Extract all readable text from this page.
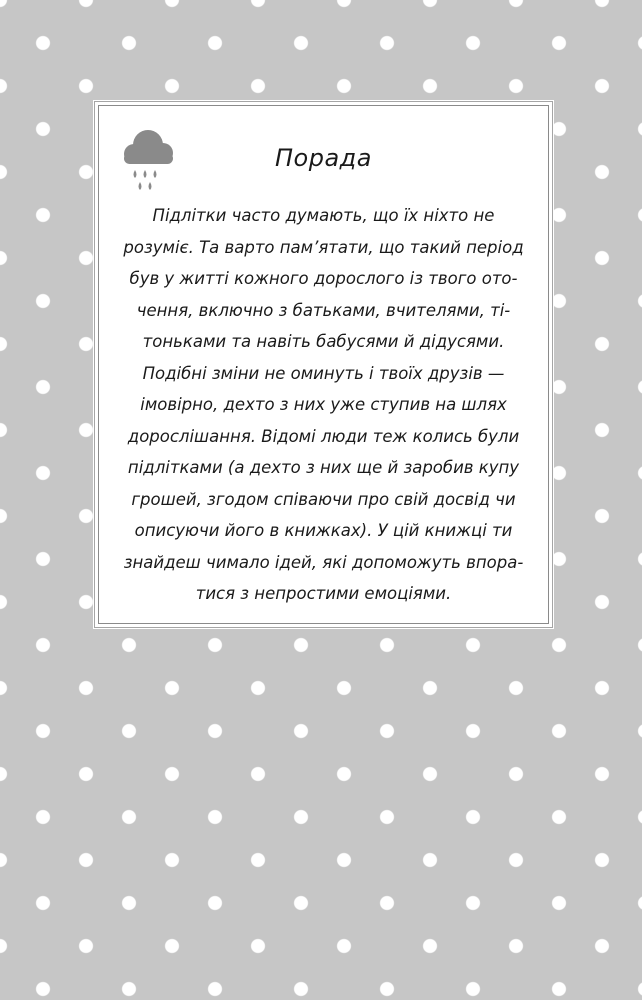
Порада

Підлітки часто думають, що їх ніхто не
розуміє. Та варто пам’ятати, що такий період
був у житті кожного дорослого із твого ото-
чення, включно з батьками, вчителями, ті-
тоньками та навіть бабусями й дідусями.
Подібні зміни не оминуть і твоїх друзів —
імовірно, дехто з них уже ступив на шлях
дорослішання. Відомі люди теж колись були
підлітками (а дехто з них ще й заробив купу
грошей, згодом співаючи про свій досвід чи
описуючи його в книжках). У цій книжці ти
знайдеш чимало ідей, які допоможуть впора-
тися з непростими емоціями.
